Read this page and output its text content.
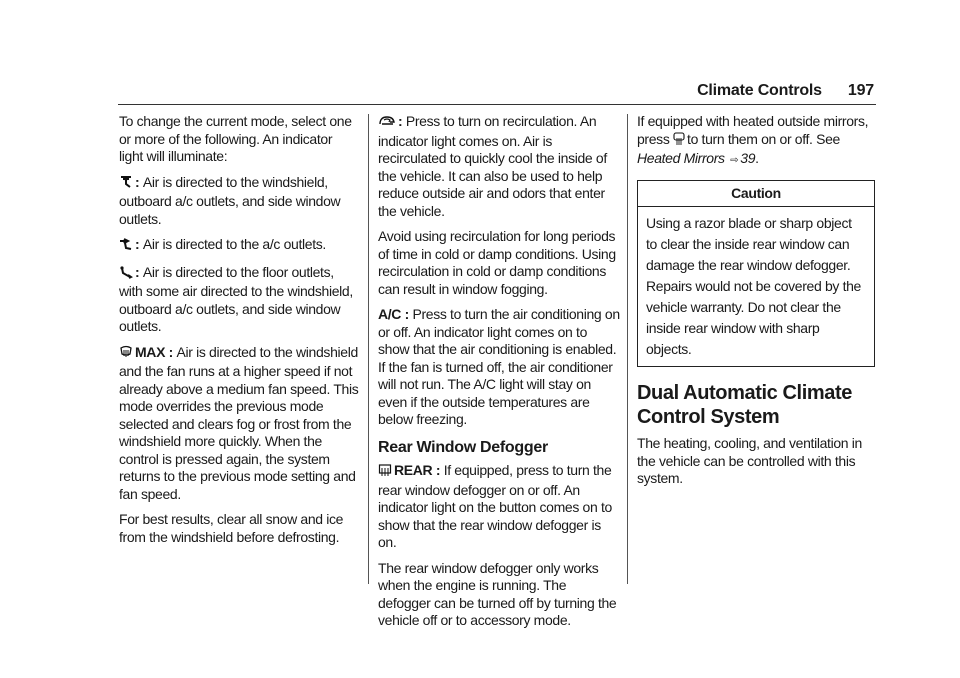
Climate Controls 197

To change the current mode, select one or more of the following. An indicator light will illuminate:

: Air is directed to the windshield, outboard a/c outlets, and side window outlets.

: Air is directed to the a/c outlets.

: Air is directed to the floor outlets, with some air directed to the windshield, outboard a/c outlets, and side window outlets.

MAX : Air is directed to the windshield and the fan runs at a higher speed if not already above a medium fan speed. This mode overrides the previous mode selected and clears fog or frost from the windshield more quickly. When the control is pressed again, the system returns to the previous mode setting and fan speed.

For best results, clear all snow and ice from the windshield before defrosting.

: Press to turn on recirculation. An indicator light comes on. Air is recirculated to quickly cool the inside of the vehicle. It can also be used to help reduce outside air and odors that enter the vehicle.

Avoid using recirculation for long periods of time in cold or damp conditions. Using recirculation in cold or damp conditions can result in window fogging.

A/C : Press to turn the air conditioning on or off. An indicator light comes on to show that the air conditioning is enabled. If the fan is turned off, the air conditioner will not run. The A/C light will stay on even if the outside temperatures are below freezing.

Rear Window Defogger

REAR : If equipped, press to turn the rear window defogger on or off. An indicator light on the button comes on to show that the rear window defogger is on.

The rear window defogger only works when the engine is running. The defogger can be turned off by turning the vehicle off or to accessory mode.

If equipped with heated outside mirrors, press to turn them on or off. See Heated Mirrors ⇨ 39.

Caution
Using a razor blade or sharp object to clear the inside rear window can damage the rear window defogger. Repairs would not be covered by the vehicle warranty. Do not clear the inside rear window with sharp objects.
Dual Automatic Climate Control System

The heating, cooling, and ventilation in the vehicle can be controlled with this system.
